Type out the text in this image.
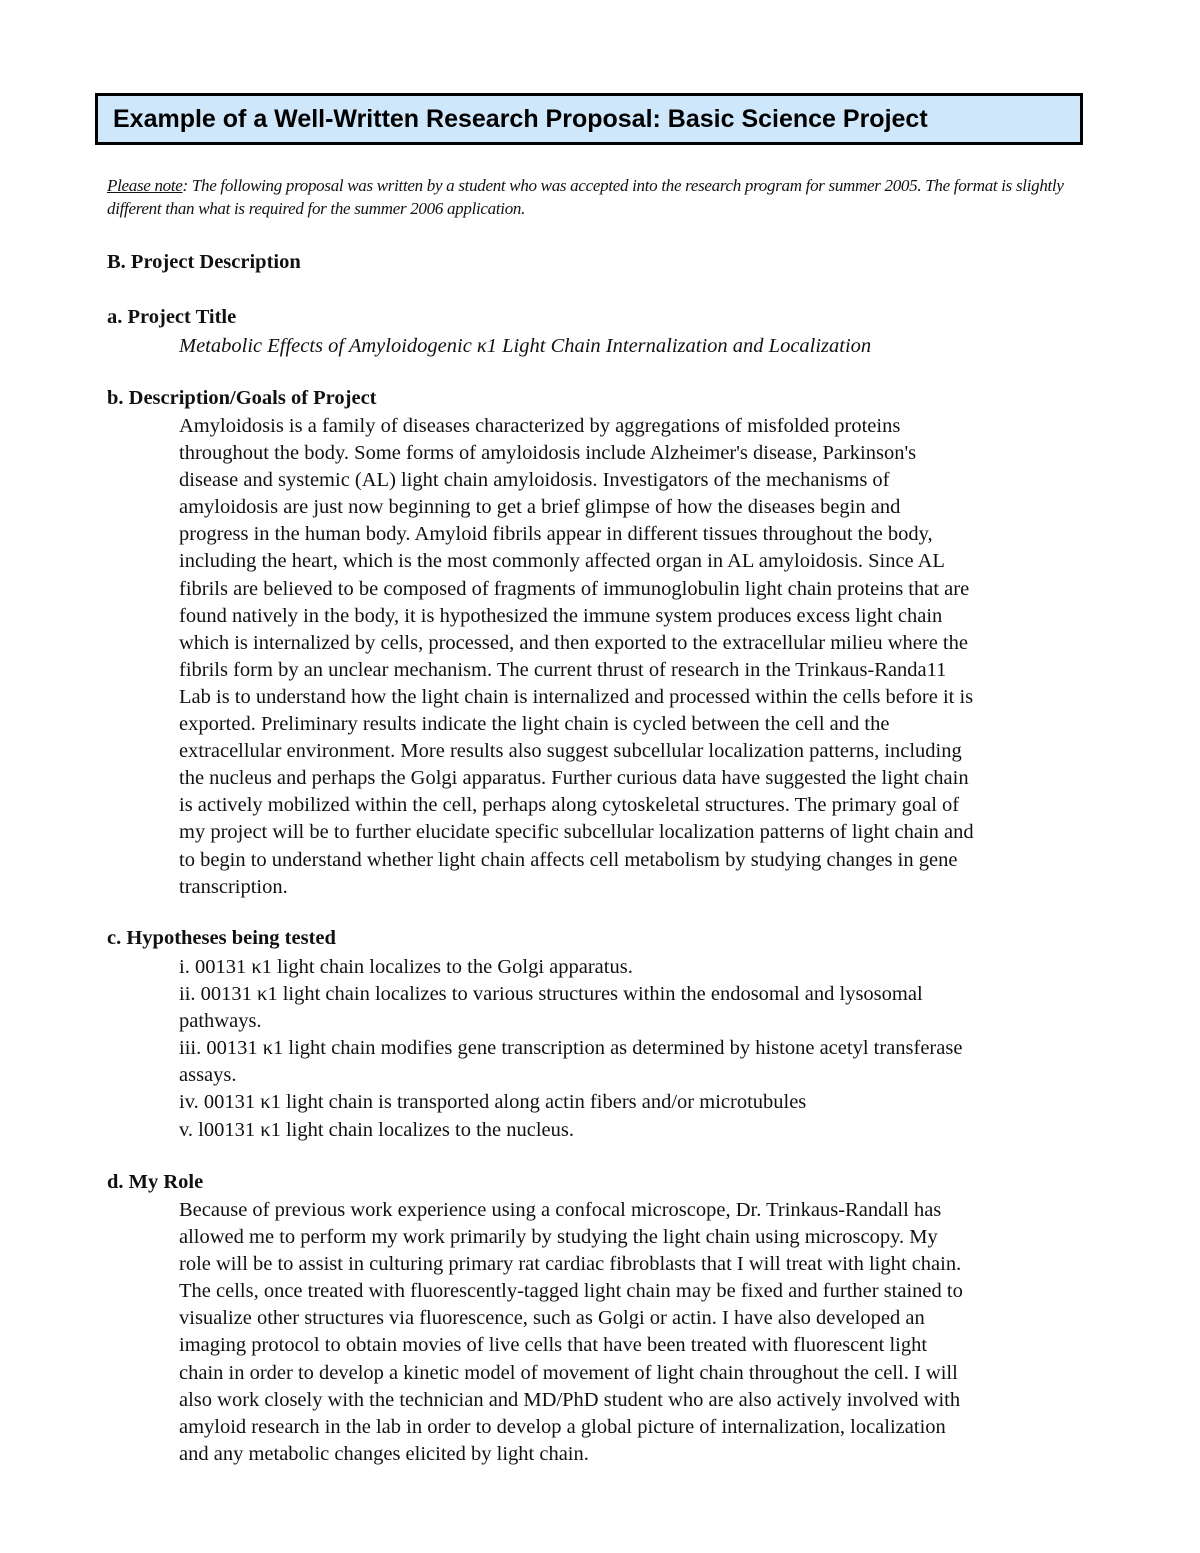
Example of a Well-Written Research Proposal: Basic Science Project
Please note: The following proposal was written by a student who was accepted into the research program for summer 2005. The format is slightly different than what is required for the summer 2006 application.
B. Project Description
a. Project Title
Metabolic Effects of Amyloidogenic κ1 Light Chain Internalization and Localization
b. Description/Goals of Project
Amyloidosis is a family of diseases characterized by aggregations of misfolded proteins
throughout the body. Some forms of amyloidosis include Alzheimer's disease, Parkinson's
disease and systemic (AL) light chain amyloidosis. Investigators of the mechanisms of
amyloidosis are just now beginning to get a brief glimpse of how the diseases begin and
progress in the human body. Amyloid fibrils appear in different tissues throughout the body,
including the heart, which is the most commonly affected organ in AL amyloidosis. Since AL
fibrils are believed to be composed of fragments of immunoglobulin light chain proteins that are
found natively in the body, it is hypothesized the immune system produces excess light chain
which is internalized by cells, processed, and then exported to the extracellular milieu where the
fibrils form by an unclear mechanism. The current thrust of research in the Trinkaus-Randa11
Lab is to understand how the light chain is internalized and processed within the cells before it is
exported. Preliminary results indicate the light chain is cycled between the cell and the
extracellular environment. More results also suggest subcellular localization patterns, including
the nucleus and perhaps the Golgi apparatus. Further curious data have suggested the light chain
is actively mobilized within the cell, perhaps along cytoskeletal structures. The primary goal of
my project will be to further elucidate specific subcellular localization patterns of light chain and
to begin to understand whether light chain affects cell metabolism by studying changes in gene
transcription.
c. Hypotheses being tested
i. 00131 κ1 light chain localizes to the Golgi apparatus.
ii. 00131 κ1 light chain localizes to various structures within the endosomal and lysosomal
pathways.
iii. 00131 κ1 light chain modifies gene transcription as determined by histone acetyl transferase
assays.
iv. 00131 κ1 light chain is transported along actin fibers and/or microtubules
v. l00131 κ1 light chain localizes to the nucleus.
d. My Role
Because of previous work experience using a confocal microscope, Dr. Trinkaus-Randall has
allowed me to perform my work primarily by studying the light chain using microscopy. My
role will be to assist in culturing primary rat cardiac fibroblasts that I will treat with light chain.
The cells, once treated with fluorescently-tagged light chain may be fixed and further stained to
visualize other structures via fluorescence, such as Golgi or actin. I have also developed an
imaging protocol to obtain movies of live cells that have been treated with fluorescent light
chain in order to develop a kinetic model of movement of light chain throughout the cell. I will
also work closely with the technician and MD/PhD student who are also actively involved with
amyloid research in the lab in order to develop a global picture of internalization, localization
and any metabolic changes elicited by light chain.
